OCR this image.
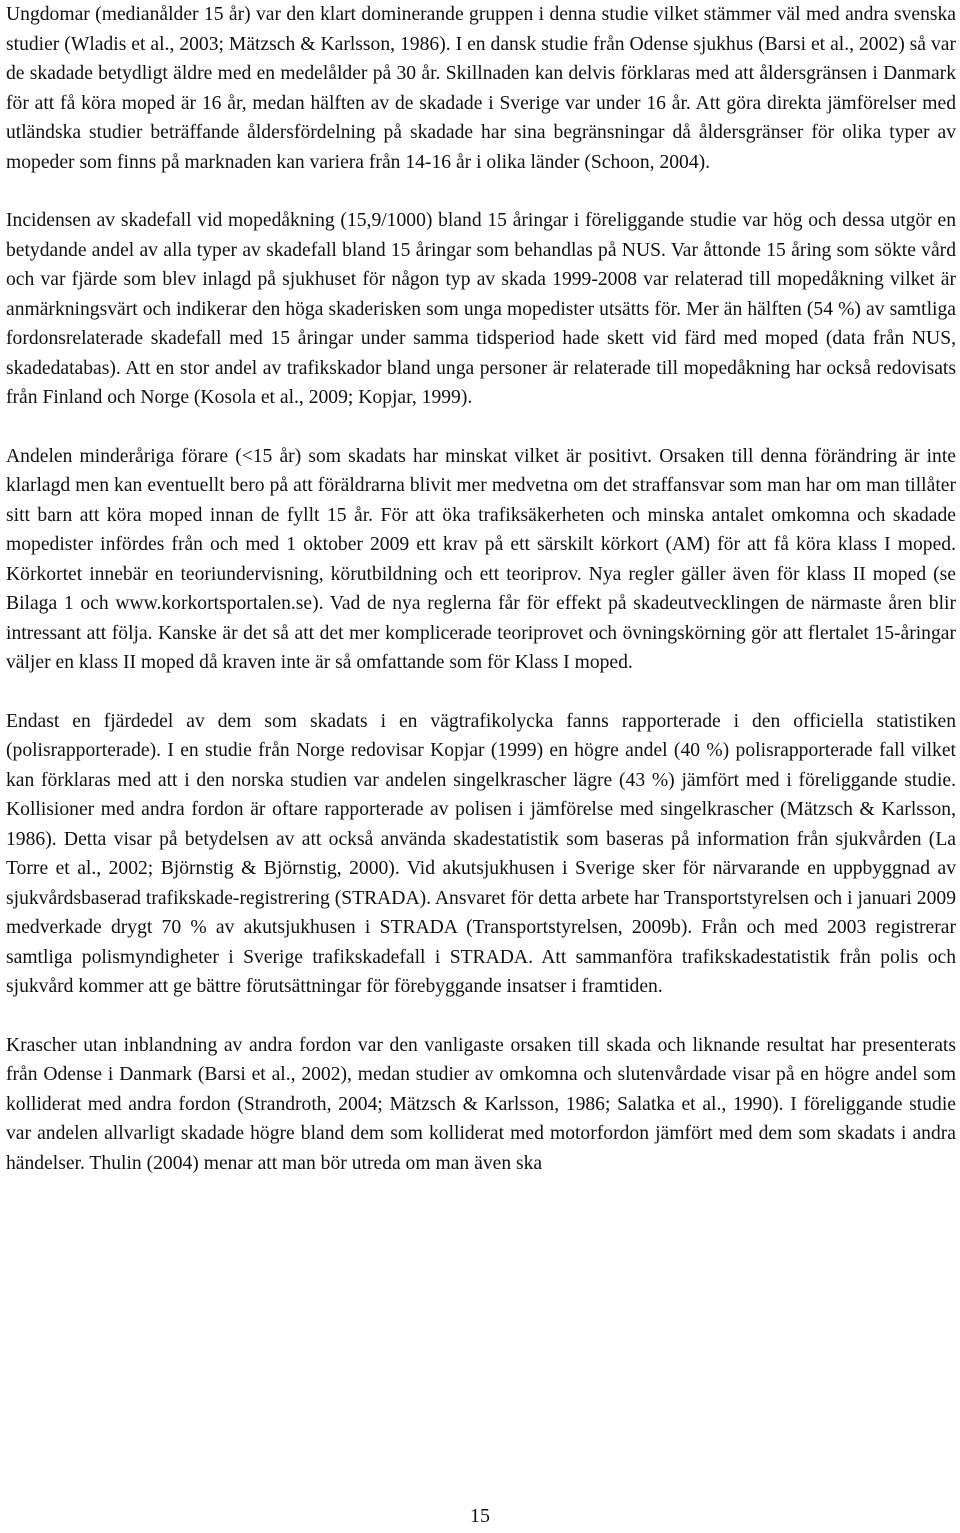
Ungdomar (medianålder 15 år) var den klart dominerande gruppen i denna studie vilket stämmer väl med andra svenska studier (Wladis et al., 2003; Mätzsch & Karlsson, 1986). I en dansk studie från Odense sjukhus (Barsi et al., 2002) så var de skadade betydligt äldre med en medelålder på 30 år. Skillnaden kan delvis förklaras med att åldersgränsen i Danmark för att få köra moped är 16 år, medan hälften av de skadade i Sverige var under 16 år. Att göra direkta jämförelser med utländska studier beträffande åldersfördelning på skadade har sina begränsningar då åldersgränser för olika typer av mopeder som finns på marknaden kan variera från 14-16 år i olika länder (Schoon, 2004).

Incidensen av skadefall vid mopedåkning (15,9/1000) bland 15 åringar i föreliggande studie var hög och dessa utgör en betydande andel av alla typer av skadefall bland 15 åringar som behandlas på NUS. Var åttonde 15 åring som sökte vård och var fjärde som blev inlagd på sjukhuset för någon typ av skada 1999-2008 var relaterad till mopedåkning vilket är anmärkningsvärt och indikerar den höga skaderisken som unga mopedister utsätts för. Mer än hälften (54 %) av samtliga fordonsrelaterade skadefall med 15 åringar under samma tidsperiod hade skett vid färd med moped (data från NUS, skadedatabas). Att en stor andel av trafikskador bland unga personer är relaterade till mopedåkning har också redovisats från Finland och Norge (Kosola et al., 2009; Kopjar, 1999).

Andelen minderåriga förare (<15 år) som skadats har minskat vilket är positivt. Orsaken till denna förändring är inte klarlagd men kan eventuellt bero på att föräldrarna blivit mer medvetna om det straffansvar som man har om man tillåter sitt barn att köra moped innan de fyllt 15 år. För att öka trafiksäkerheten och minska antalet omkomna och skadade mopedister infördes från och med 1 oktober 2009 ett krav på ett särskilt körkort (AM) för att få köra klass I moped. Körkortet innebär en teoriundervisning, körutbildning och ett teoriprov. Nya regler gäller även för klass II moped (se Bilaga 1 och www.korkortsportalen.se). Vad de nya reglerna får för effekt på skadeutvecklingen de närmaste åren blir intressant att följa. Kanske är det så att det mer komplicerade teoriprovet och övningskörning gör att flertalet 15-åringar väljer en klass II moped då kraven inte är så omfattande som för Klass I moped.

Endast en fjärdedel av dem som skadats i en vägtrafikolycka fanns rapporterade i den officiella statistiken (polisrapporterade). I en studie från Norge redovisar Kopjar (1999) en högre andel (40 %) polisrapporterade fall vilket kan förklaras med att i den norska studien var andelen singelkrascher lägre (43 %) jämfört med i föreliggande studie. Kollisioner med andra fordon är oftare rapporterade av polisen i jämförelse med singelkrascher (Mätzsch & Karlsson, 1986). Detta visar på betydelsen av att också använda skadestatistik som baseras på information från sjukvården (La Torre et al., 2002; Björnstig & Björnstig, 2000). Vid akutsjukhusen i Sverige sker för närvarande en uppbyggnad av sjukvårdsbaserad trafikskade-registrering (STRADA). Ansvaret för detta arbete har Transportstyrelsen och i januari 2009 medverkade drygt 70 % av akutsjukhusen i STRADA (Transportstyrelsen, 2009b). Från och med 2003 registrerar samtliga polismyndigheter i Sverige trafikskadefall i STRADA. Att sammanföra trafikskadestatistik från polis och sjukvård kommer att ge bättre förutsättningar för förebyggande insatser i framtiden.

Krascher utan inblandning av andra fordon var den vanligaste orsaken till skada och liknande resultat har presenterats från Odense i Danmark (Barsi et al., 2002), medan studier av omkomna och slutenvårdade visar på en högre andel som kolliderat med andra fordon (Strandroth, 2004; Mätzsch & Karlsson, 1986; Salatka et al., 1990). I föreliggande studie var andelen allvarligt skadade högre bland dem som kolliderat med motorfordon jämfört med dem som skadats i andra händelser. Thulin (2004) menar att man bör utreda om man även ska

15
